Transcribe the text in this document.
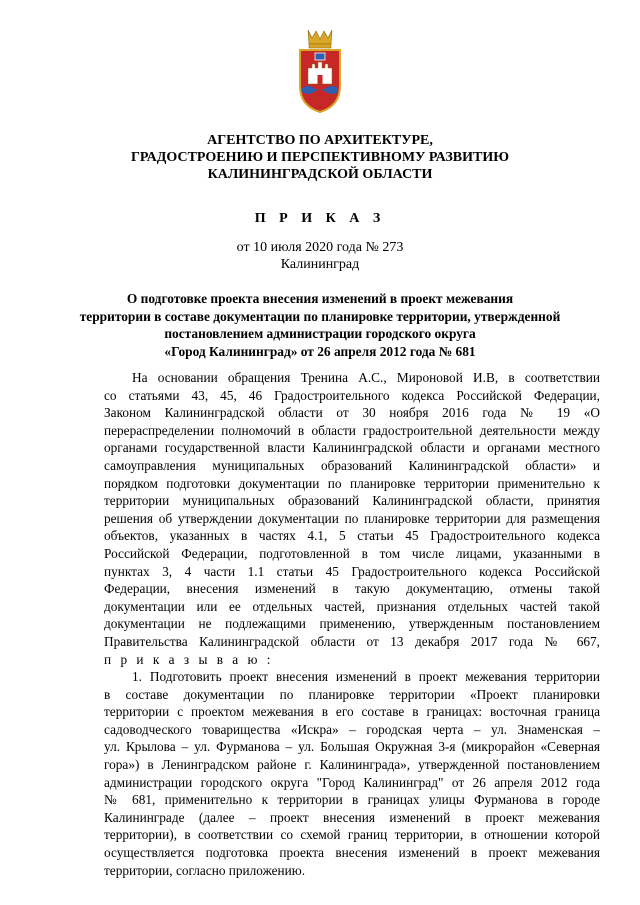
АГЕНТСТВО ПО АРХИТЕКТУРЕ,
ГРАДОСТРОЕНИЮ И ПЕРСПЕКТИВНОМУ РАЗВИТИЮ
КАЛИНИНГРАДСКОЙ ОБЛАСТИ
П Р И К А З
от 10 июля 2020 года № 273
Калининград
О подготовке проекта внесения изменений в проект межевания
территории в составе документации по планировке территории, утвержденной
постановлением администрации городского округа
«Город Калининград» от 26 апреля 2012 года № 681
На основании обращения Тренина А.С., Мироновой И.В, в соответствии
со статьями 43, 45, 46 Градостроительного кодекса Российской Федерации,
Законом Калининградской области от 30 ноября 2016 года № 19 «О
перераспределении полномочий в области градостроительной деятельности между
органами государственной власти Калининградской области и органами местного
самоуправления муниципальных образований Калининградской области» и
порядком подготовки документации по планировке территории применительно к
территории муниципальных образований Калининградской области, принятия
решения об утверждении документации по планировке территории для размещения
объектов, указанных в частях 4.1, 5 статьи 45 Градостроительного кодекса
Российской Федерации, подготовленной в том числе лицами, указанными в
пунктах 3, 4 части 1.1 статьи 45 Градостроительного кодекса Российской
Федерации, внесения изменений в такую документацию, отмены такой
документации или ее отдельных частей, признания отдельных частей такой
документации не подлежащими применению, утвержденным постановлением
Правительства Калининградской области от 13 декабря 2017 года № 667,
п р и к а з ы в а ю :
1. Подготовить проект внесения изменений в проект межевания территории
в составе документации по планировке территории «Проект планировки
территории с проектом межевания в его составе в границах: восточная граница
садоводческого товарищества «Искра» – городская черта – ул. Знаменская –
ул. Крылова – ул. Фурманова – ул. Большая Окружная 3-я (микрорайон «Северная
гора») в Ленинградском районе г. Калининграда», утвержденной постановлением
администрации городского округа "Город Калининград" от 26 апреля 2012 года
№ 681, применительно к территории в границах улицы Фурманова в городе
Калининграде (далее – проект внесения изменений в проект межевания
территории), в соответствии со схемой границ территории, в отношении которой
осуществляется подготовка проекта внесения изменений в проект межевания
территории, согласно приложению.
